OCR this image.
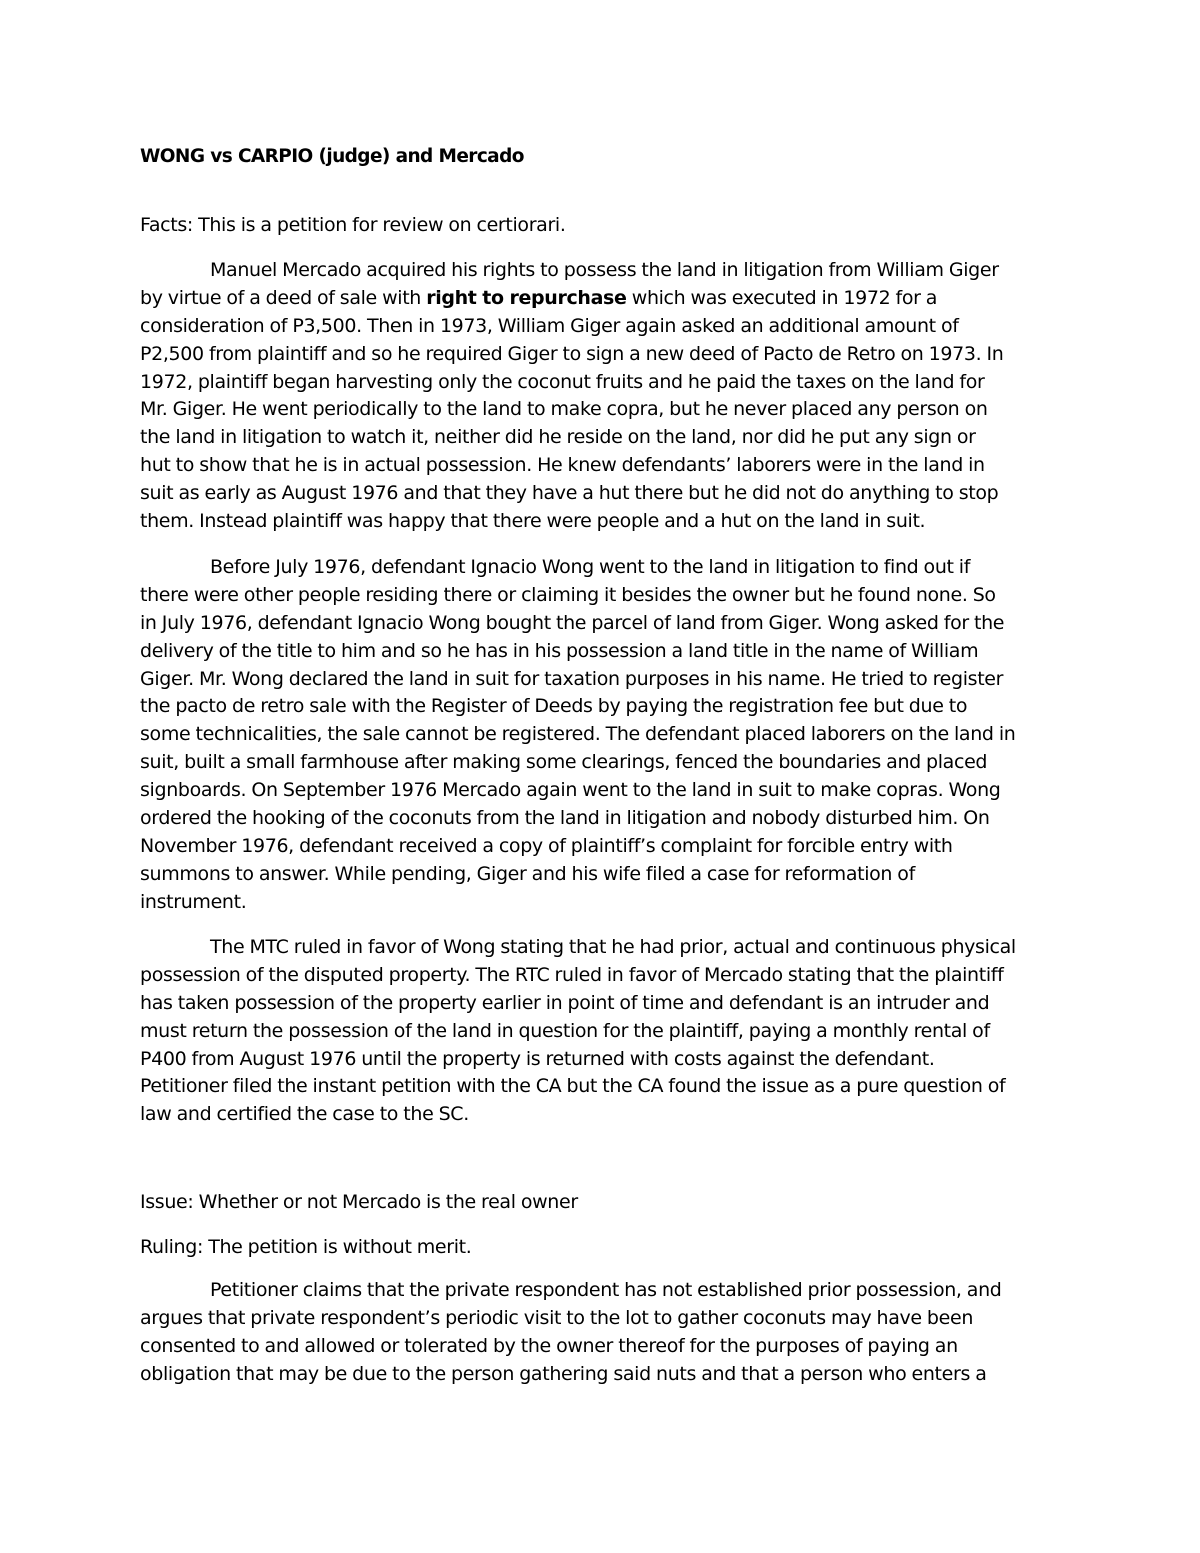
WONG vs CARPIO (judge) and Mercado
Facts: This is a petition for review on certiorari.
Manuel Mercado acquired his rights to possess the land in litigation from William Giger
by virtue of a deed of sale with right to repurchase which was executed in 1972 for a
consideration of P3,500. Then in 1973, William Giger again asked an additional amount of
P2,500 from plaintiff and so he required Giger to sign a new deed of Pacto de Retro on 1973. In
1972, plaintiff began harvesting only the coconut fruits and he paid the taxes on the land for
Mr. Giger. He went periodically to the land to make copra, but he never placed any person on
the land in litigation to watch it, neither did he reside on the land, nor did he put any sign or
hut to show that he is in actual possession. He knew defendants’ laborers were in the land in
suit as early as August 1976 and that they have a hut there but he did not do anything to stop
them. Instead plaintiff was happy that there were people and a hut on the land in suit.
Before July 1976, defendant Ignacio Wong went to the land in litigation to find out if
there were other people residing there or claiming it besides the owner but he found none. So
in July 1976, defendant Ignacio Wong bought the parcel of land from Giger. Wong asked for the
delivery of the title to him and so he has in his possession a land title in the name of William
Giger. Mr. Wong declared the land in suit for taxation purposes in his name. He tried to register
the pacto de retro sale with the Register of Deeds by paying the registration fee but due to
some technicalities, the sale cannot be registered. The defendant placed laborers on the land in
suit, built a small farmhouse after making some clearings, fenced the boundaries and placed
signboards. On September 1976 Mercado again went to the land in suit to make copras. Wong
ordered the hooking of the coconuts from the land in litigation and nobody disturbed him. On
November 1976, defendant received a copy of plaintiff’s complaint for forcible entry with
summons to answer. While pending, Giger and his wife filed a case for reformation of
instrument.
The MTC ruled in favor of Wong stating that he had prior, actual and continuous physical
possession of the disputed property. The RTC ruled in favor of Mercado stating that the plaintiff
has taken possession of the property earlier in point of time and defendant is an intruder and
must return the possession of the land in question for the plaintiff, paying a monthly rental of
P400 from August 1976 until the property is returned with costs against the defendant.
Petitioner filed the instant petition with the CA but the CA found the issue as a pure question of
law and certified the case to the SC.
Issue: Whether or not Mercado is the real owner
Ruling: The petition is without merit.
Petitioner claims that the private respondent has not established prior possession, and
argues that private respondent’s periodic visit to the lot to gather coconuts may have been
consented to and allowed or tolerated by the owner thereof for the purposes of paying an
obligation that may be due to the person gathering said nuts and that a person who enters a
